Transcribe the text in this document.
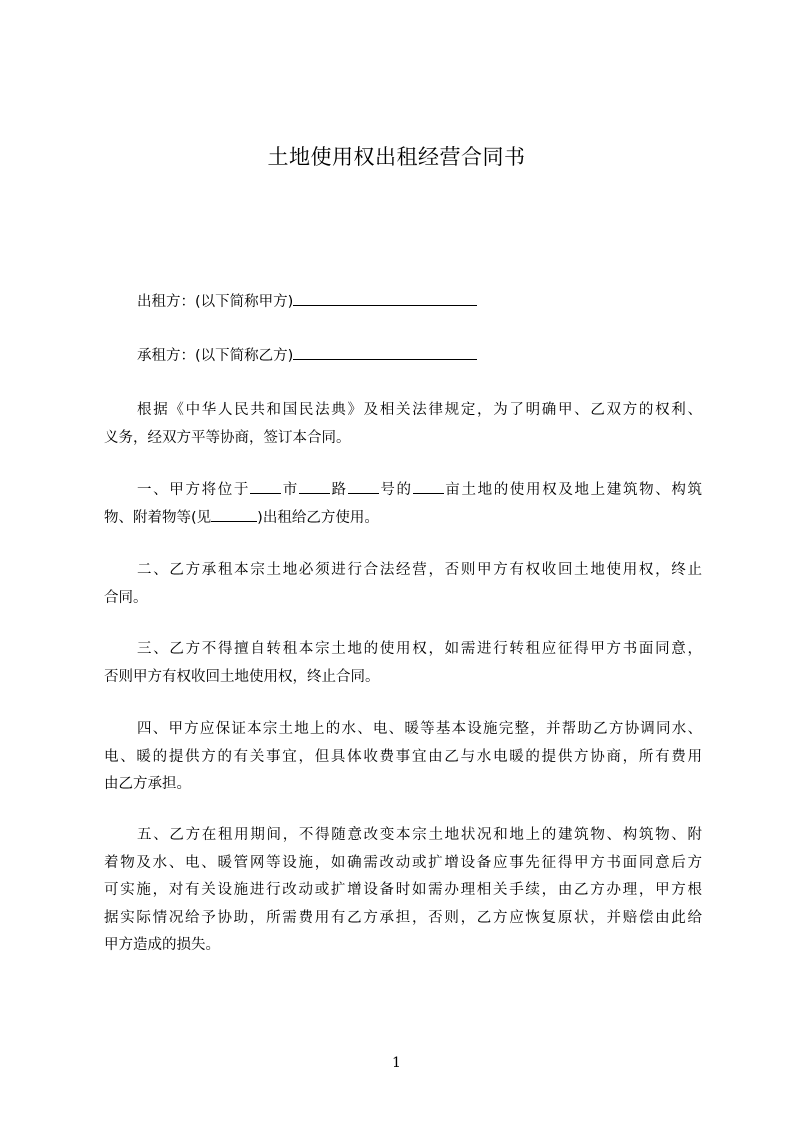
土地使用权出租经营合同书
出租方：(以下简称甲方)
承租方：(以下简称乙方)
根据《中华人民共和国民法典》及相关法律规定，为了明确甲、乙双方的权利、
义务，经双方平等协商，签订本合同。
一、甲方将位于 市 路 号的 亩土地的使用权及地上建筑物、构筑
物、附着物等(见	)出租给乙方使用。
二、乙方承租本宗土地必须进行合法经营，否则甲方有权收回土地使用权，终止
合同。
三、乙方不得擅自转租本宗土地的使用权，如需进行转租应征得甲方书面同意，
否则甲方有权收回土地使用权，终止合同。
四、甲方应保证本宗土地上的水、电、暖等基本设施完整，并帮助乙方协调同水、
电、暖的提供方的有关事宜，但具体收费事宜由乙与水电暖的提供方协商，所有费用
由乙方承担。
五、乙方在租用期间，不得随意改变本宗土地状况和地上的建筑物、构筑物、附
着物及水、电、暖管网等设施，如确需改动或扩增设备应事先征得甲方书面同意后方
可实施，对有关设施进行改动或扩增设备时如需办理相关手续，由乙方办理，甲方根
据实际情况给予协助，所需费用有乙方承担，否则，乙方应恢复原状，并赔偿由此给
甲方造成的损失。
1
